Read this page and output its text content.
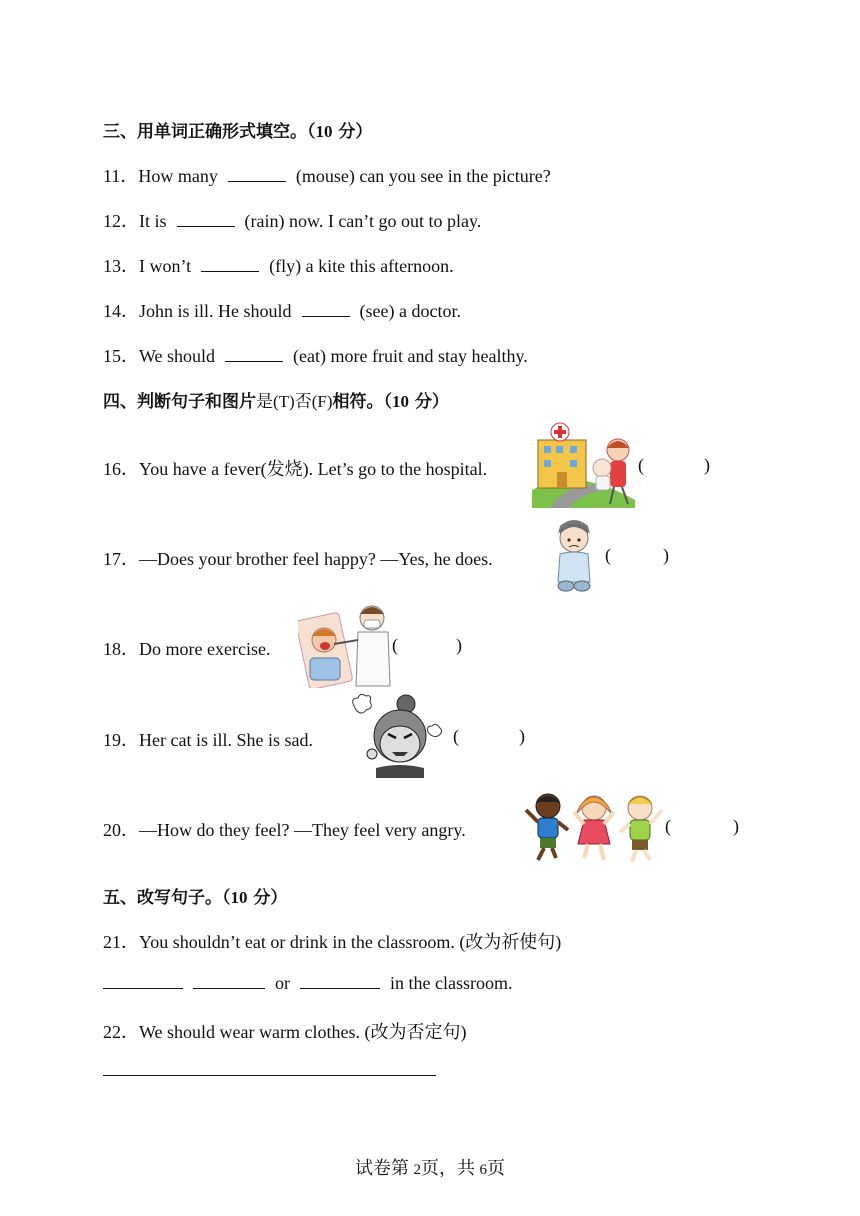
三、用单词正确形式填空。（10 分）
11．How many	(mouse) can you see in the picture?
12．It is	(rain) now. I can’t go out to play.
13．I won’t	(fly) a kite this afternoon.
14．John is ill. He should	(see) a doctor.
15．We should	(eat) more fruit and stay healthy.
四、判断句子和图片是(T)否(F)相符。（10 分）
16．You have a fever(发烧). Let’s go to the hospital.	(	)
17．—Does your brother feel happy? —Yes, he does.	(	)
18．Do more exercise.	(	)
19．Her cat is ill. She is sad.	(	)
20．—How do they feel? —They feel very angry.	(	)
五、改写句子。（10 分）
21．You shouldn’t eat or drink in the classroom. (改为祈使句)
or	in the classroom.
22．We should wear warm clothes. (改为否定句)
试卷第 2页，共 6页
